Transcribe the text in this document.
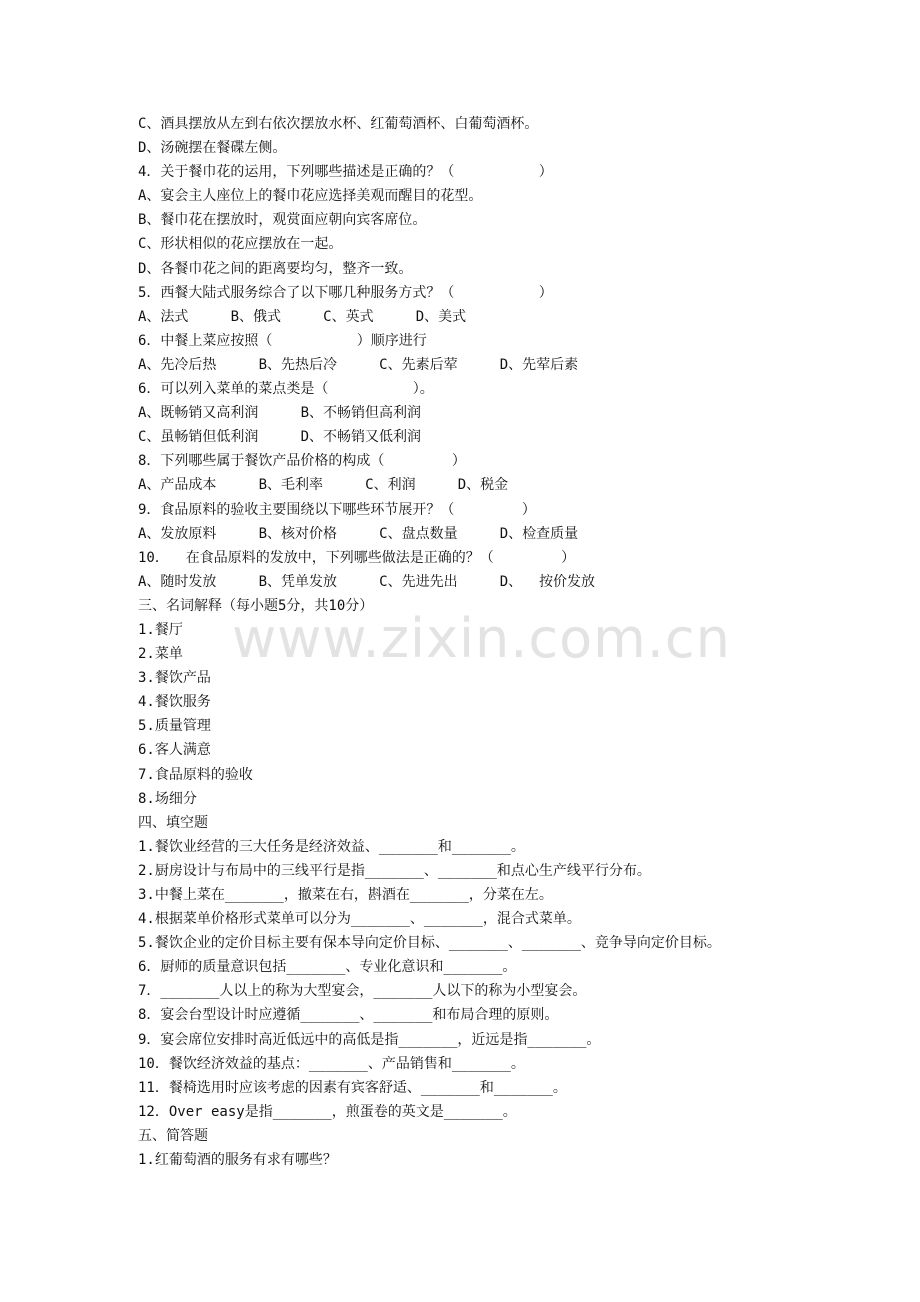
www.zixin.com.cn
C、酒具摆放从左到右依次摆放水杯、红葡萄酒杯、白葡萄酒杯。
D、汤碗摆在餐碟左侧。
4．关于餐巾花的运用，下列哪些描述是正确的？（          ）
A、宴会主人座位上的餐巾花应选择美观而醒目的花型。
B、餐巾花在摆放时，观赏面应朝向宾客席位。
C、形状相似的花应摆放在一起。
D、各餐巾花之间的距离要均匀，整齐一致。
5．西餐大陆式服务综合了以下哪几种服务方式？（          ）
A、法式     B、俄式     C、英式     D、美式
6．中餐上菜应按照（          ）顺序进行
A、先冷后热     B、先热后冷     C、先素后荤     D、先荤后素
6．可以列入菜单的菜点类是（          ）。
A、既畅销又高利润     B、不畅销但高利润
C、虽畅销但低利润     D、不畅销又低利润
8．下列哪些属于餐饮产品价格的构成（        ）
A、产品成本     B、毛利率     C、利润     D、税金
9．食品原料的验收主要围绕以下哪些环节展开？（        ）
A、发放原料     B、核对价格     C、盘点数量     D、检查质量
10．  在食品原料的发放中，下列哪些做法是正确的？（        ）
A、随时发放     B、凭单发放     C、先进先出     D、  按价发放
三、名词解释（每小题5分，共10分）
1.餐厅
2.菜单
3.餐饮产品
4.餐饮服务
5.质量管理
6.客人满意
7.食品原料的验收
8.场细分
四、填空题
1.餐饮业经营的三大任务是经济效益、_______和_______。
2.厨房设计与布局中的三线平行是指_______、_______和点心生产线平行分布。
3.中餐上菜在_______，撤菜在右，斟酒在_______，分菜在左。
4.根据菜单价格形式菜单可以分为_______、_______，混合式菜单。
5.餐饮企业的定价目标主要有保本导向定价目标、_______、_______、竞争导向定价目标。
6．厨师的质量意识包括_______、专业化意识和_______。
7．_______人以上的称为大型宴会，_______人以下的称为小型宴会。
8．宴会台型设计时应遵循_______、_______和布局合理的原则。
9．宴会席位安排时高近低远中的高低是指_______，近远是指_______。
10．餐饮经济效益的基点：_______、产品销售和_______。
11．餐椅选用时应该考虑的因素有宾客舒适、_______和_______。
12．Over easy是指_______，煎蛋卷的英文是_______。
五、简答题
1.红葡萄酒的服务有求有哪些？
